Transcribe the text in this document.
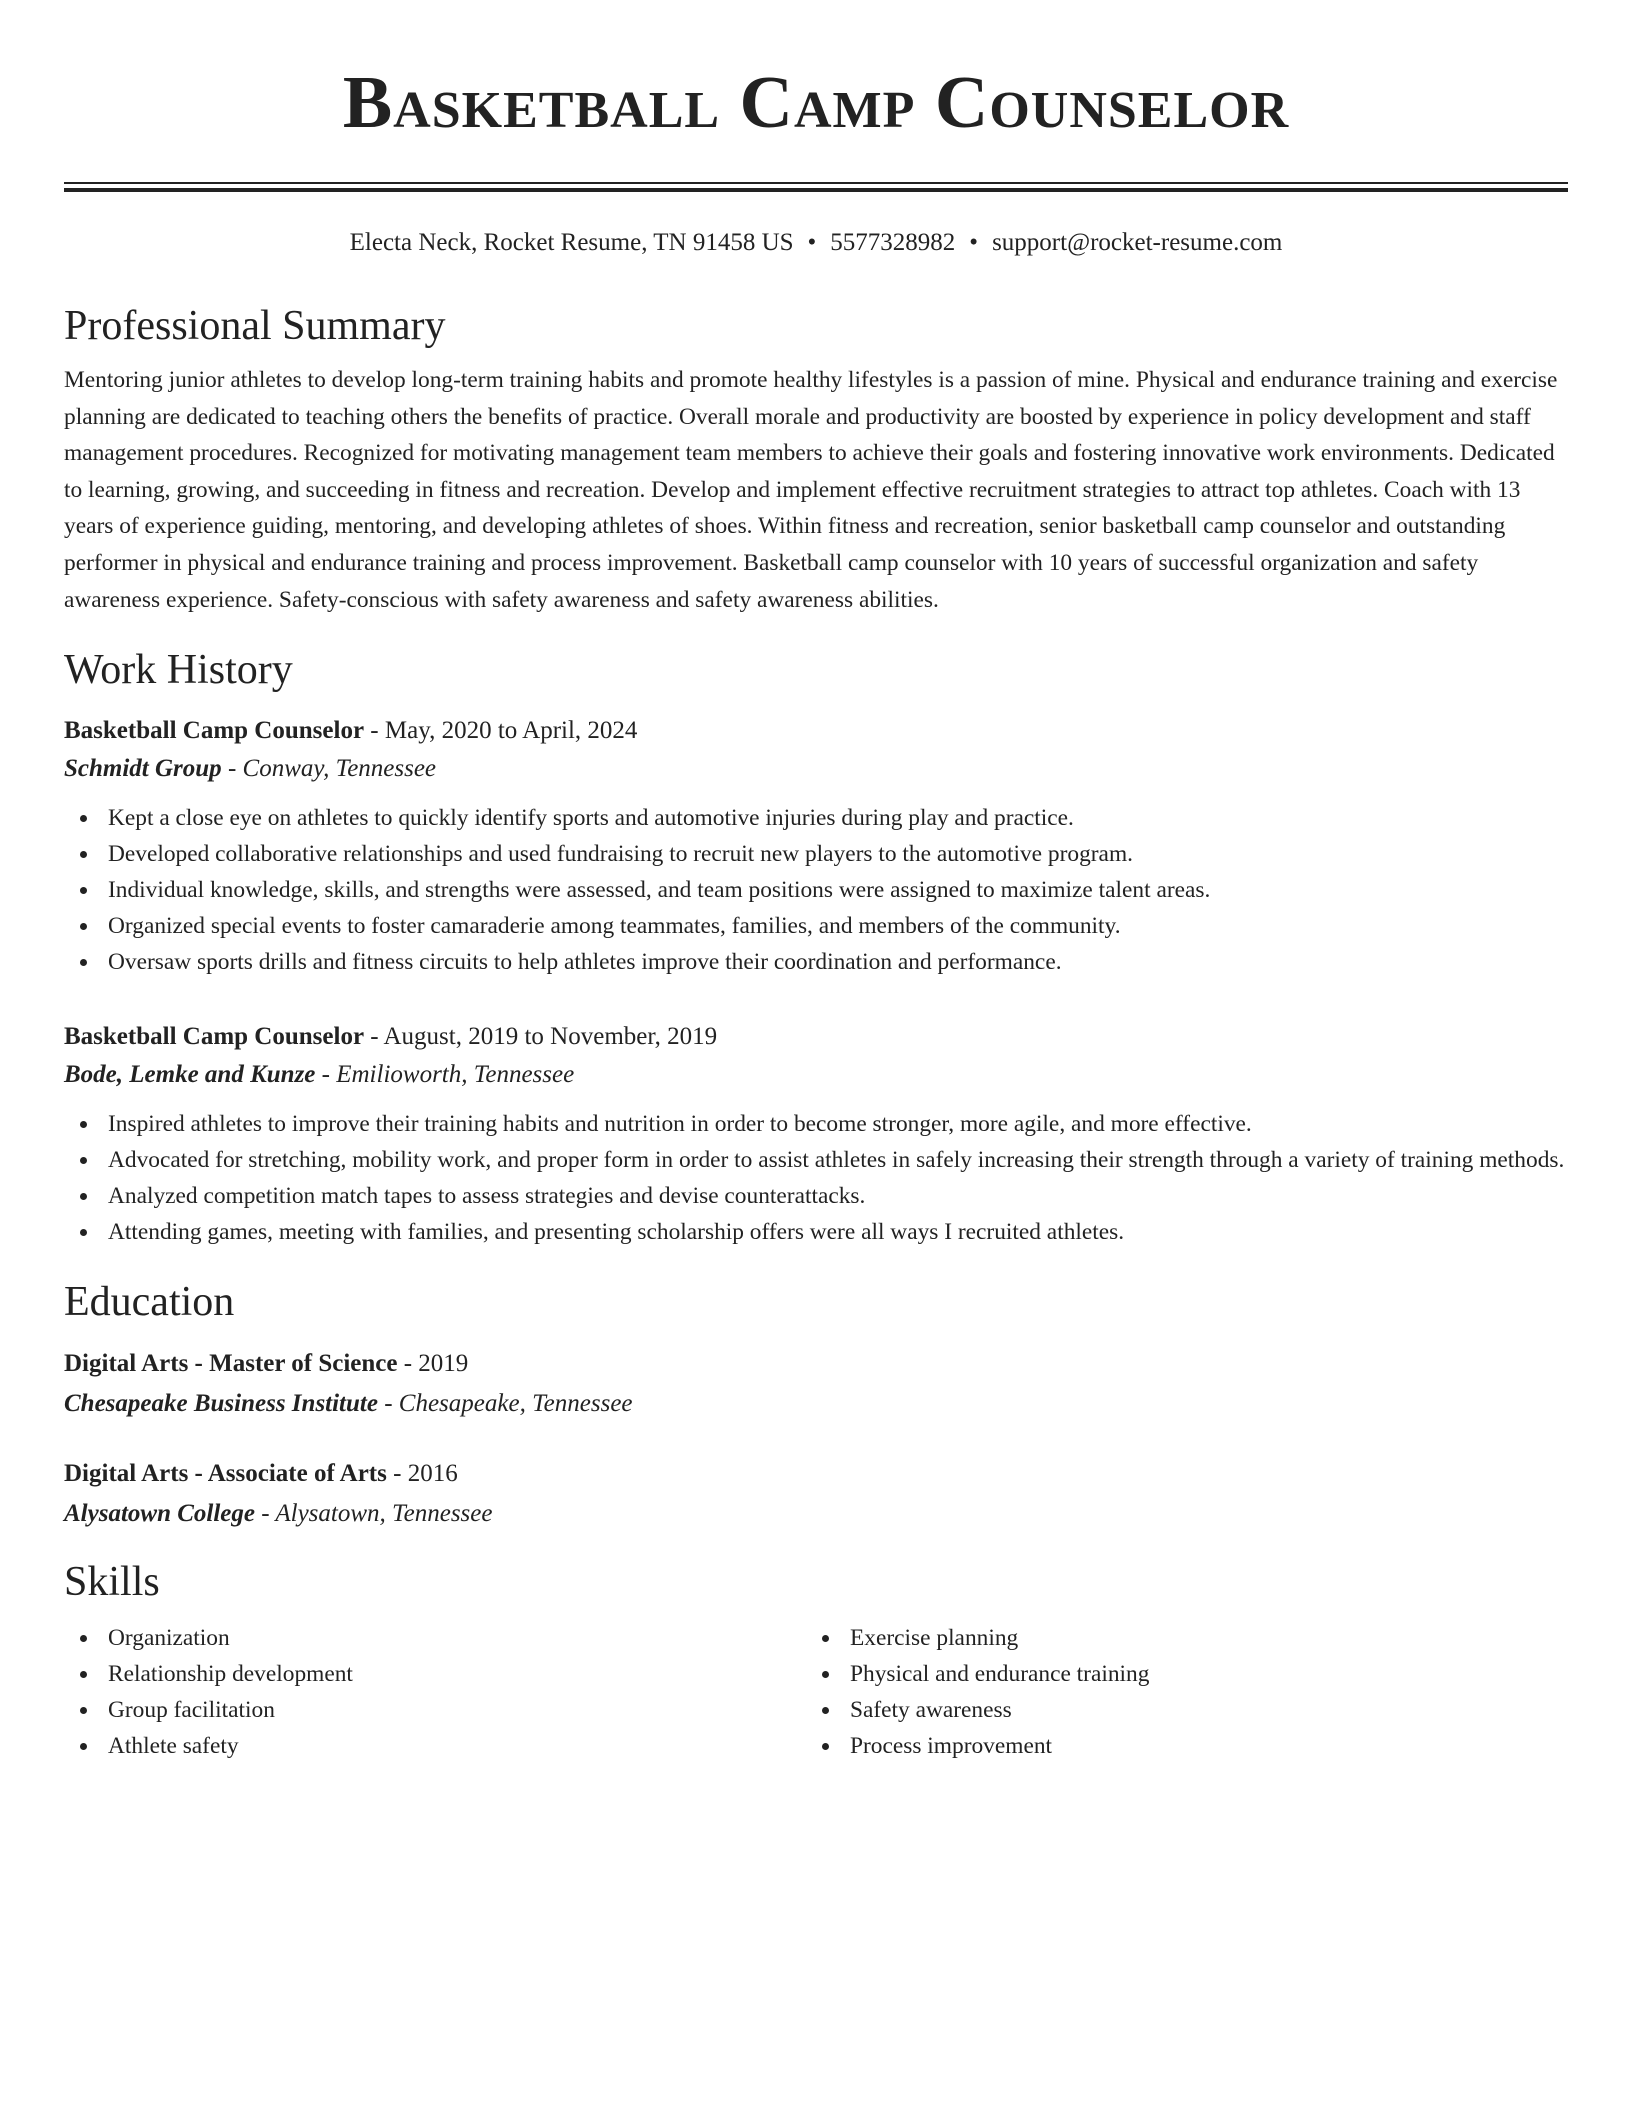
Basketball Camp Counselor
Electa Neck, Rocket Resume, TN 91458 US • 5577328982 • support@rocket-resume.com
Professional Summary
Mentoring junior athletes to develop long-term training habits and promote healthy lifestyles is a passion of mine. Physical and endurance training and exercise planning are dedicated to teaching others the benefits of practice. Overall morale and productivity are boosted by experience in policy development and staff management procedures. Recognized for motivating management team members to achieve their goals and fostering innovative work environments. Dedicated to learning, growing, and succeeding in fitness and recreation. Develop and implement effective recruitment strategies to attract top athletes. Coach with 13 years of experience guiding, mentoring, and developing athletes of shoes. Within fitness and recreation, senior basketball camp counselor and outstanding performer in physical and endurance training and process improvement. Basketball camp counselor with 10 years of successful organization and safety awareness experience. Safety-conscious with safety awareness and safety awareness abilities.
Work History
Basketball Camp Counselor - May, 2020 to April, 2024
Schmidt Group - Conway, Tennessee
Kept a close eye on athletes to quickly identify sports and automotive injuries during play and practice.
Developed collaborative relationships and used fundraising to recruit new players to the automotive program.
Individual knowledge, skills, and strengths were assessed, and team positions were assigned to maximize talent areas.
Organized special events to foster camaraderie among teammates, families, and members of the community.
Oversaw sports drills and fitness circuits to help athletes improve their coordination and performance.
Basketball Camp Counselor - August, 2019 to November, 2019
Bode, Lemke and Kunze - Emilioworth, Tennessee
Inspired athletes to improve their training habits and nutrition in order to become stronger, more agile, and more effective.
Advocated for stretching, mobility work, and proper form in order to assist athletes in safely increasing their strength through a variety of training methods.
Analyzed competition match tapes to assess strategies and devise counterattacks.
Attending games, meeting with families, and presenting scholarship offers were all ways I recruited athletes.
Education
Digital Arts - Master of Science - 2019
Chesapeake Business Institute - Chesapeake, Tennessee
Digital Arts - Associate of Arts - 2016
Alysatown College - Alysatown, Tennessee
Skills
Organization
Relationship development
Group facilitation
Athlete safety
Exercise planning
Physical and endurance training
Safety awareness
Process improvement
